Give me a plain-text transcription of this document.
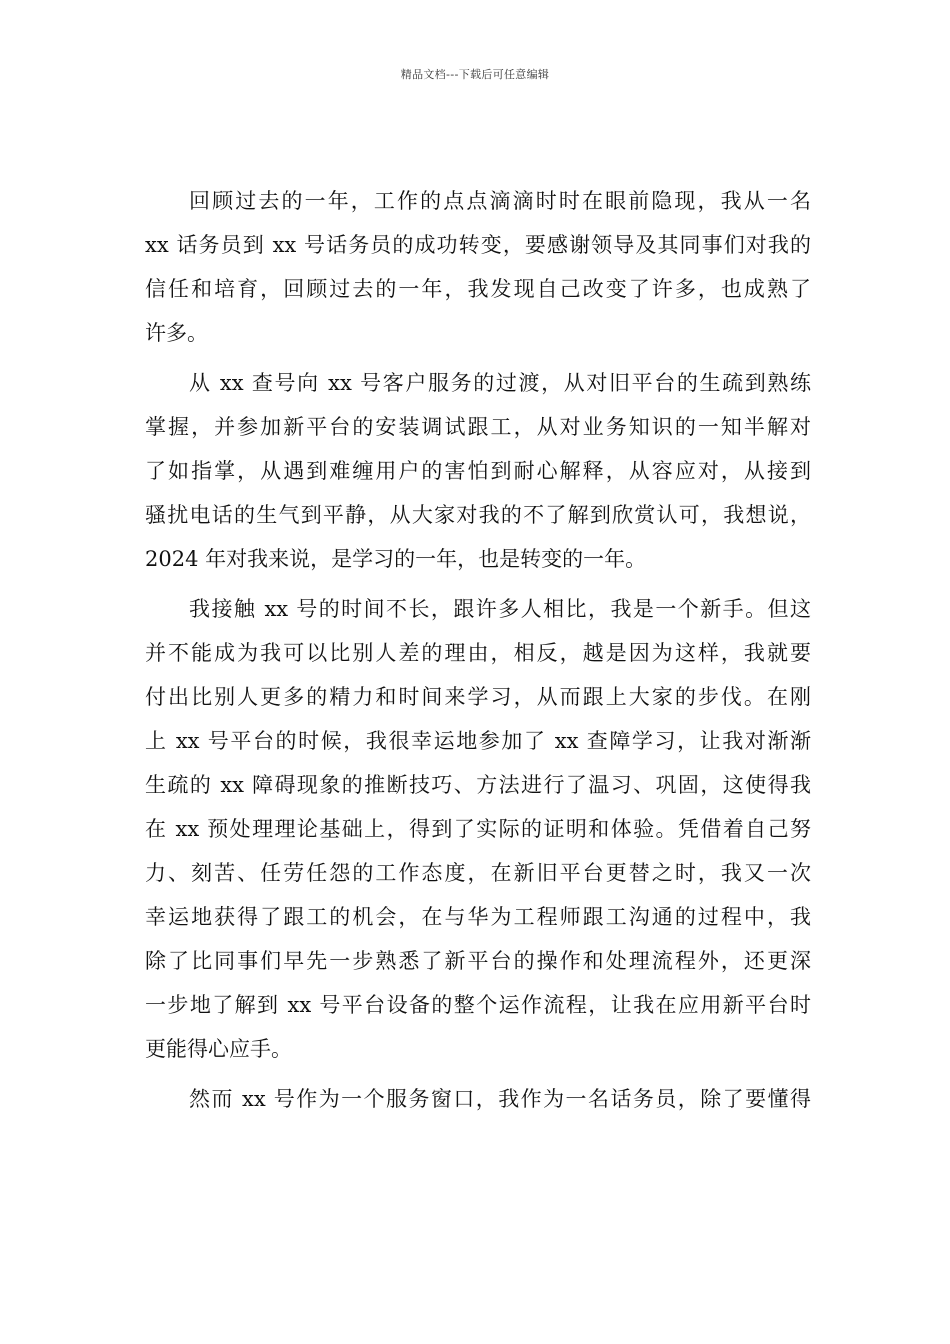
精品文档---下载后可任意编辑
回顾过去的一年，工作的点点滴滴时时在眼前隐现，我从一名
xx 话务员到 xx 号话务员的成功转变，要感谢领导及其同事们对我的
信任和培育，回顾过去的一年，我发现自己改变了许多，也成熟了
许多。
从 xx 查号向 xx 号客户服务的过渡，从对旧平台的生疏到熟练
掌握，并参加新平台的安装调试跟工，从对业务知识的一知半解对
了如指掌，从遇到难缠用户的害怕到耐心解释，从容应对，从接到
骚扰电话的生气到平静，从大家对我的不了解到欣赏认可，我想说，
2024 年对我来说，是学习的一年，也是转变的一年。
我接触 xx 号的时间不长，跟许多人相比，我是一个新手。但这
并不能成为我可以比别人差的理由，相反，越是因为这样，我就要
付出比别人更多的精力和时间来学习，从而跟上大家的步伐。在刚
上 xx 号平台的时候，我很幸运地参加了 xx 查障学习，让我对渐渐
生疏的 xx 障碍现象的推断技巧、方法进行了温习、巩固，这使得我
在 xx 预处理理论基础上，得到了实际的证明和体验。凭借着自己努
力、刻苦、任劳任怨的工作态度，在新旧平台更替之时，我又一次
幸运地获得了跟工的机会，在与华为工程师跟工沟通的过程中，我
除了比同事们早先一步熟悉了新平台的操作和处理流程外，还更深
一步地了解到 xx 号平台设备的整个运作流程，让我在应用新平台时
更能得心应手。
然而 xx 号作为一个服务窗口，我作为一名话务员，除了要懂得
